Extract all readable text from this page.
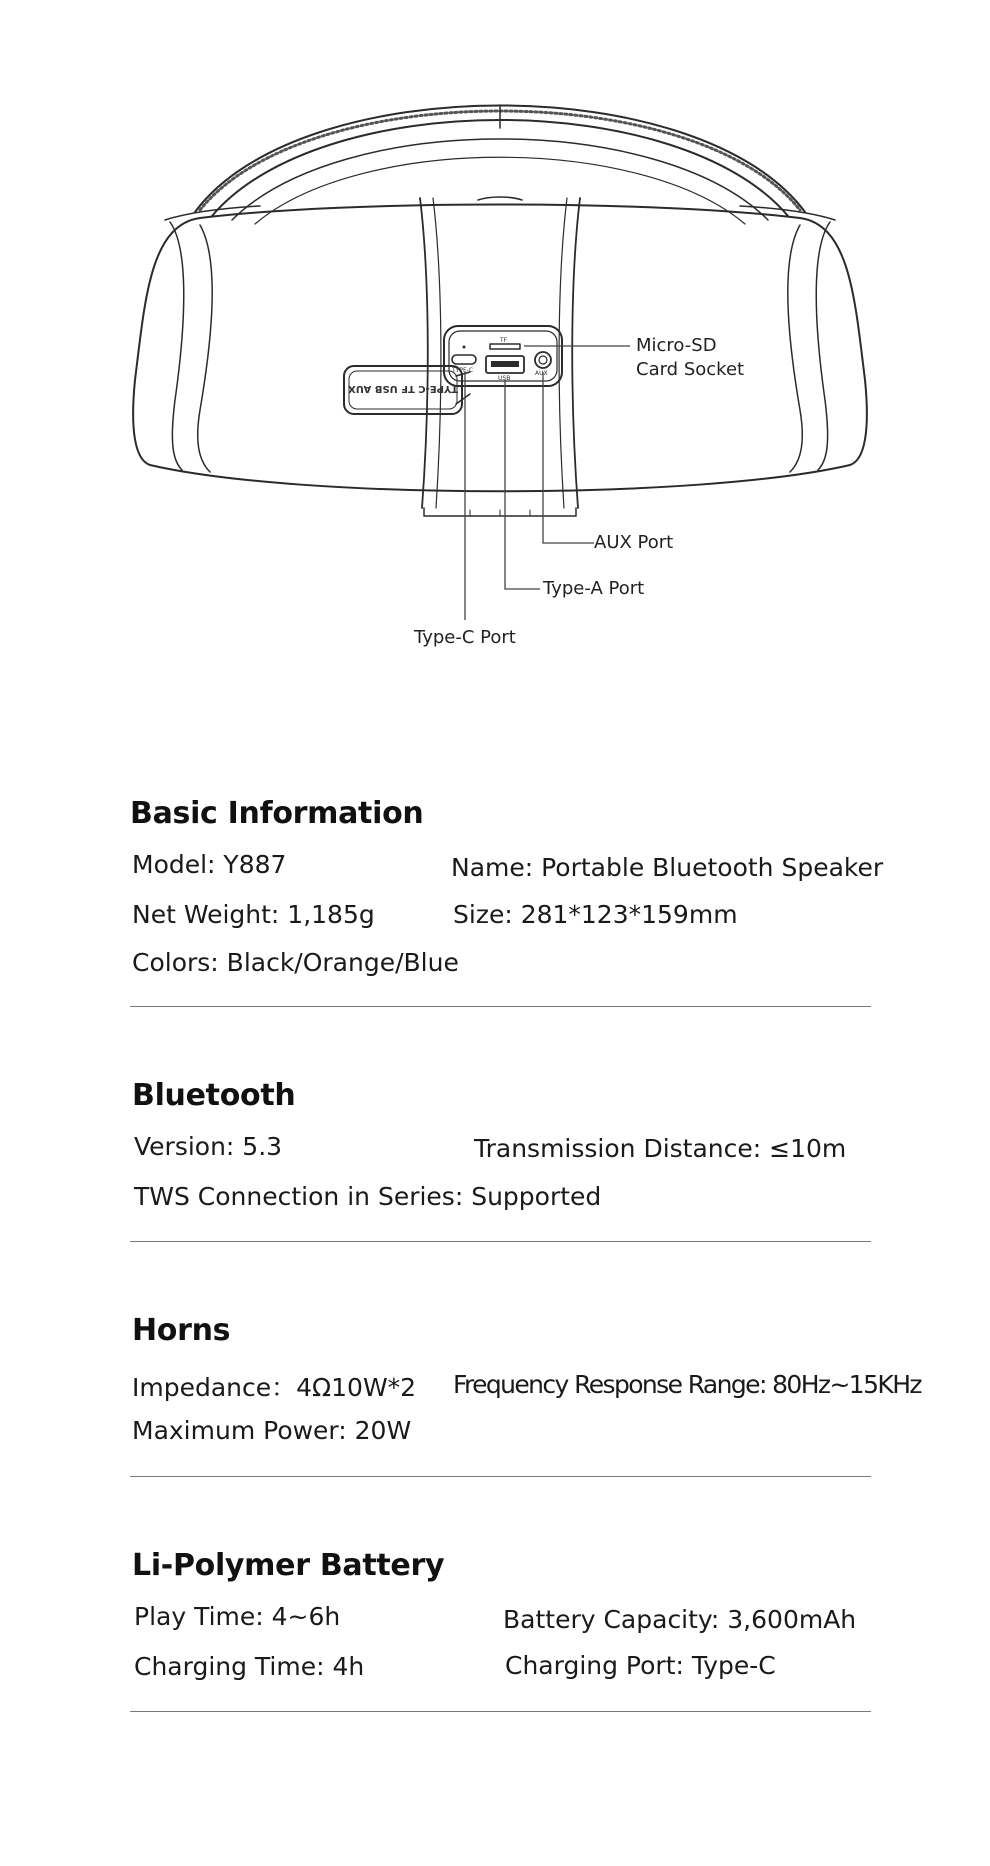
TF
TYPE-C
USB
AUX
TYPE-C TF USB AUX
Micro-SD
Card Socket
AUX Port
Type-A Port
Type-C Port
Basic Information
Model: Y887	Name: Portable Bluetooth Speaker
Net Weight: 1,185g	Size: 281*123*159mm
Colors: Black/Orange/Blue
Bluetooth
Version: 5.3	Transmission Distance: ≤10m
TWS Connection in Series: Supported
Horns
Impedance：4Ω10W*2 Frequency Response Range: 80Hz~15KHz
Maximum Power: 20W
Li-Polymer Battery
Play Time: 4~6h	Battery Capacity: 3,600mAh
Charging Time: 4h	Charging Port: Type-C
